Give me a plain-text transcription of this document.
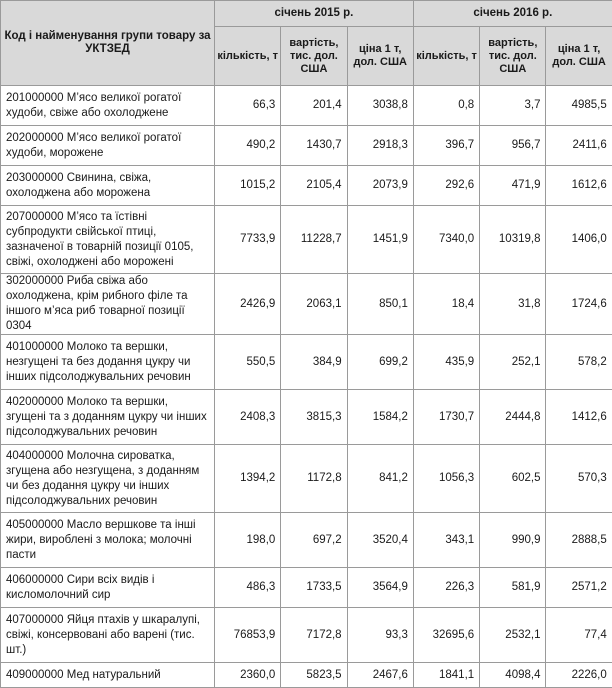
Код і найменування групи товару за УКТЗЕД	січень 2015 р.			січень 2016 р.		
	кількість, т	вартість, тис. дол. США	ціна 1 т, дол. США	кількість, т	вартість, тис. дол. США	ціна 1 т, дол. США
201000000 М’ясо великої рогатої худоби, свіже або охолоджене	66,3	201,4	3038,8	0,8	3,7	4985,5
202000000 М’ясо великої рогатої худоби, морожене	490,2	1430,7	2918,3	396,7	956,7	2411,6
203000000 Свинина, свіжа, охолоджена або морожена	1015,2	2105,4	2073,9	292,6	471,9	1612,6
207000000 М’ясо та їстівні субпродукти свійської птиці, зазначеної в товарній позиції 0105, свіжі, охолоджені або морожені	7733,9	11228,7	1451,9	7340,0	10319,8	1406,0
302000000 Риба свіжа або охолоджена, крім рибного філе та іншого м’яса риб товарної позиції 0304	2426,9	2063,1	850,1	18,4	31,8	1724,6
401000000 Молоко та вершки, незгущені та без додання цукру чи інших підсолоджувальних речовин	550,5	384,9	699,2	435,9	252,1	578,2
402000000 Молоко та вершки, згущені та з доданням цукру чи інших підсолоджувальних речовин	2408,3	3815,3	1584,2	1730,7	2444,8	1412,6
404000000 Молочна сироватка, згущена або незгущена, з доданням чи без додання цукру чи інших підсолоджувальних речовин	1394,2	1172,8	841,2	1056,3	602,5	570,3
405000000 Масло вершкове та інші жири, вироблені з молока; молочні пасти	198,0	697,2	3520,4	343,1	990,9	2888,5
406000000 Сири всіх видів і кисломолочний сир	486,3	1733,5	3564,9	226,3	581,9	2571,2
407000000 Яйця птахів у шкаралупі, свіжі, консервовані або варені (тис. шт.)	76853,9	7172,8	93,3	32695,6	2532,1	77,4
409000000 Мед натуральний	2360,0	5823,5	2467,6	1841,1	4098,4	2226,0
